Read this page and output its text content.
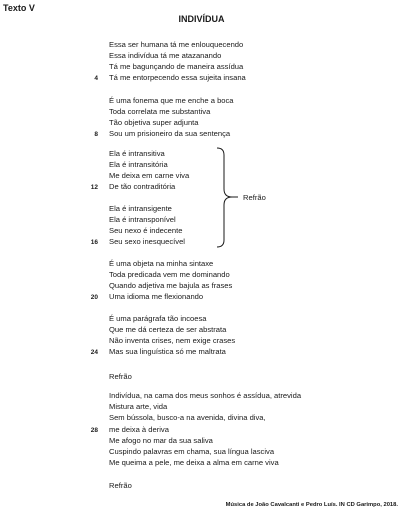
Texto V
INDIVÍDUA
Essa ser humana tá me enlouquecendo
Essa indivídua tá me atazanando
Tá me bagunçando de maneira assídua
Tá me entorpecendo essa sujeita insana
4
É uma fonema que me enche a boca
Toda correlata me substantiva
Tão objetiva super adjunta
Sou um prisioneiro da sua sentença
8
Ela é intransitiva
Ela é intransitória
Me deixa em carne viva
De tão contraditória
12
Ela é intransigente
Ela é intransponível
Seu nexo é indecente
Seu sexo inesquecível
16
É uma objeta na minha sintaxe
Toda predicada vem me dominando
Quando adjetiva me bajula as frases
Uma idioma me flexionando
20
É uma parágrafa tão incoesa
Que me dá certeza de ser abstrata
Não inventa crises, nem exige crases
Mas sua linguística só me maltrata
24
Refrão
Indivídua, na cama dos meus sonhos é assídua, atrevida
Mistura arte, vida
Sem bússola, busco-a na avenida, divina diva,
me deixa à deriva
28
Me afogo no mar da sua saliva
Cuspindo palavras em chama, sua língua lasciva
Me queima a pele, me deixa a alma em carne viva
Refrão
Refrão
Música de João Cavalcanti e Pedro Luís. IN CD Garimpo, 2018.
